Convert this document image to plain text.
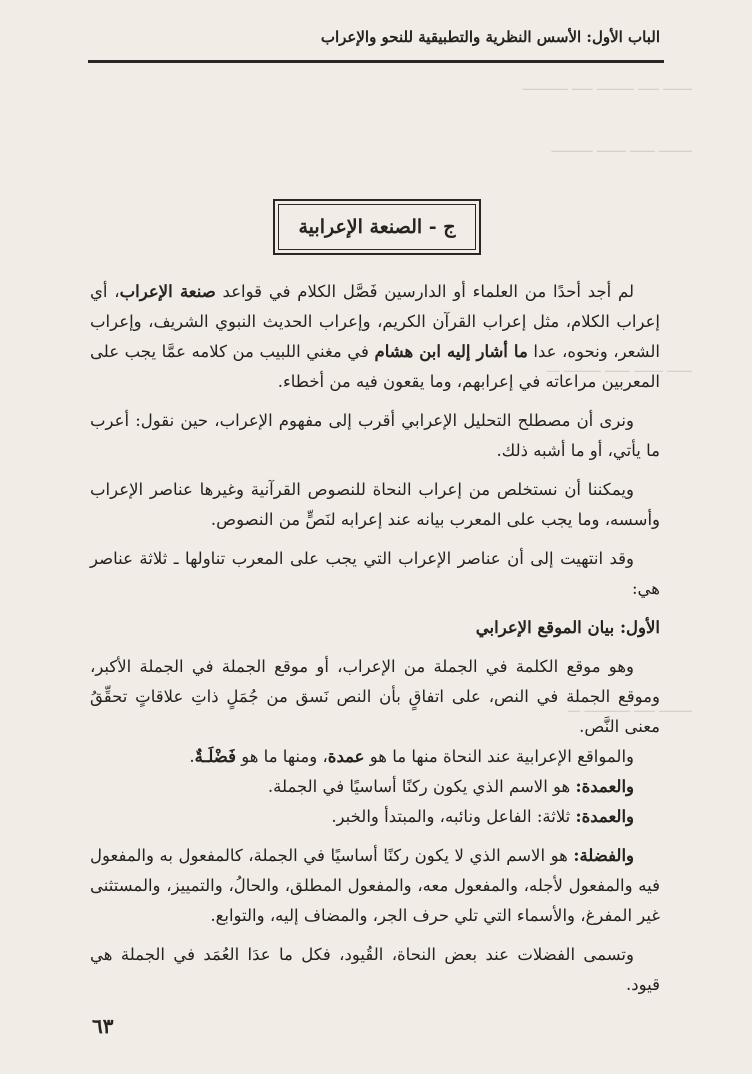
ـــــــ ـــــ ـــــــــ ـــــ ـــــــــــ
ــــــــ ــــــ ـــــــ ــــــــــ
ــــــ ـــــــ ــــــ ـــــــــ ـــ
ــــــــ ـــــ ـــــــــــ ـــ
الباب الأول: الأسس النظرية والتطبيقية للنحو والإعراب
ج - الصنعة الإعرابية

لم أجد أحدًا من العلماء أو الدارسين فَصَّل الكلام في قواعد صنعة الإعراب، أي إعراب الكلام، مثل إعراب القرآن الكريم، وإعراب الحديث النبوي الشريف، وإعراب الشعر، ونحوه، عدا ما أشار إليه ابن هشام في مغني اللبيب من كلامه عمَّا يجب على المعربين مراعاته في إعرابهم، وما يقعون فيه من أخطاء.

ونرى أن مصطلح التحليل الإعرابي أقرب إلى مفهوم الإعراب، حين نقول: أعرب ما يأتي، أو ما أشبه ذلك.

ويمكننا أن نستخلص من إعراب النحاة للنصوص القرآنية وغيرها عناصر الإعراب وأسسه، وما يجب على المعرب بيانه عند إعرابه لنَصٍّ من النصوص.

وقد انتهيت إلى أن عناصر الإعراب التي يجب على المعرب تناولها ـ ثلاثة عناصر هي:

الأول: بيان الموقع الإعرابي

وهو موقع الكلمة في الجملة من الإعراب، أو موقع الجملة في الجملة الأكبر، وموقع الجملة في النص، على اتفاقٍ بأن النص نَسق من جُمَلٍ ذاتِ علاقاتٍ تحقِّقُ معنى النَّص.

والمواقع الإعرابية عند النحاة منها ما هو عمدة، ومنها ما هو فَضْلَـةٌ.

والعمدة: هو الاسم الذي يكون ركنًا أساسيًا في الجملة.

والعمدة: ثلاثة: الفاعل ونائبه، والمبتدأ والخبر.

والفضلة: هو الاسم الذي لا يكون ركنًا أساسيًا في الجملة، كالمفعول به والمفعول فيه والمفعول لأجله، والمفعول معه، والمفعول المطلق، والحالُ، والتمييز، والمستثنى غير المفرغ، والأسماء التي تلي حرف الجر، والمضاف إليه، والتوابع.

وتسمى الفضلات عند بعض النحاة، القُيود، فكل ما عدَا العُمَد في الجملة هي قيود.

٦٣
